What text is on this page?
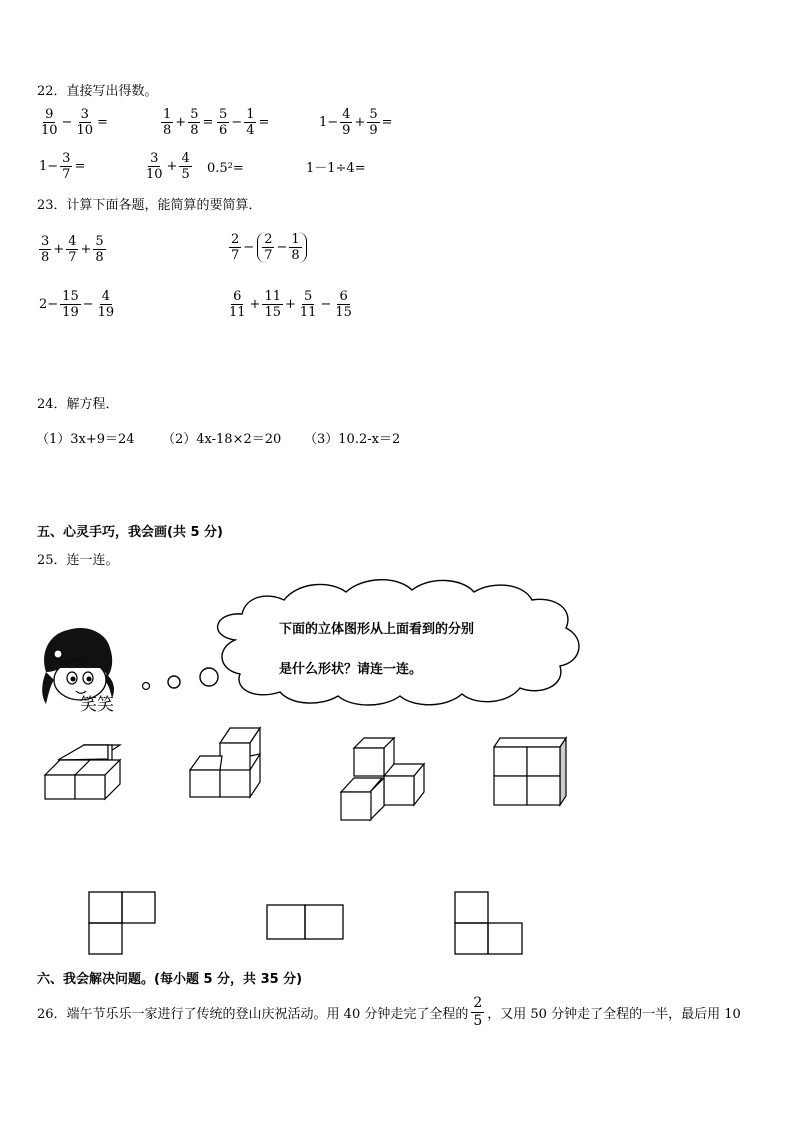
22．直接写出得数。
$\frac{9}{10} - \frac{3}{10}$ =	$\frac{1}{8} + \frac{5}{8} = \frac{5}{6} - \frac{1}{4}$ =	$1- \frac{4}{9} + \frac{5}{9}$ =
$1- \frac{3}{7}$ =	$\frac{3}{10} + \frac{4}{5} 0.5^2=$	1－1÷4=
23．计算下面各题，能简算的要简算．
$\frac{3}{8} + \frac{4}{7} + \frac{5}{8}$	$\frac{2}{7} - \frac{2}{7} - \frac{1}{8}$
$2- \frac{15}{19} - \frac{4}{19}$	$\frac{6}{11} + \frac{11}{15} + \frac{5}{11} - \frac{6}{15}$
24．解方程．
（1）3x+9＝24 （2）4x-18×2＝20 （3）10.2-x＝2
五、心灵手巧，我会画(共 5 分)
25．连一连。
下面的立体图形从上面看到的分别
是什么形状？请连一连。
笑笑
六、我会解决问题。(每小题 5 分，共 35 分)
26．端午节乐乐一家进行了传统的登山庆祝活动。用 40 分钟走完了全程的 $\frac{2}{5}$ ，又用 50 分钟走了全程的一半，最后用 10
